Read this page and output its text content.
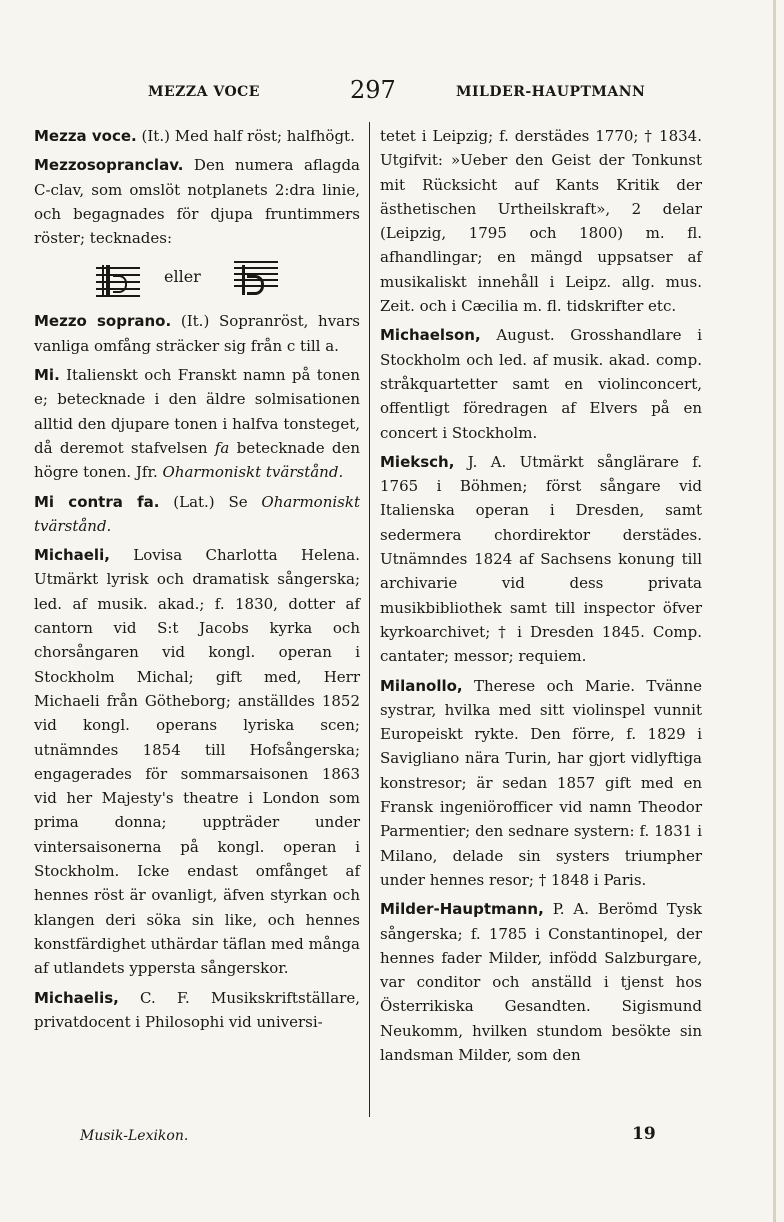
MEZZA VOCE	297	MILDER-HAUPTMANN

Mezza voce. (It.) Med half röst; halfhögt.

Mezzosopranclav. Den numera aflagda C-clav, som omslöt notplanets 2:dra linie, och begagnades för djupa fruntimmers röster; tecknades:

eller

Mezzo soprano. (It.) Sopranröst, hvars vanliga omfång sträcker sig från c till a.

Mi. Italienskt och Franskt namn på tonen e; betecknade i den äldre solmisationen alltid den djupare tonen i halfva tonsteget, då deremot stafvelsen fa betecknade den högre tonen. Jfr. Oharmoniskt tvärstånd.

Mi contra fa. (Lat.) Se Oharmoniskt tvärstånd.

Michaeli, Lovisa Charlotta Helena. Utmärkt lyrisk och dramatisk sångerska; led. af musik. akad.; f. 1830, dotter af cantorn vid S:t Jacobs kyrka och chorsångaren vid kongl. operan i Stockholm Michal; gift med, Herr Michaeli från Götheborg; anställdes 1852 vid kongl. operans lyriska scen; utnämndes 1854 till Hofsångerska; engagerades för sommarsaisonen 1863 vid her Majesty's theatre i London som prima donna; uppträder under vintersaisonerna på kongl. operan i Stockholm. Icke endast omfånget af hennes röst är ovanligt, äfven styrkan och klangen deri söka sin like, och hennes konstfärdighet uthärdar täflan med många af utlandets yppersta sångerskor.

Michaelis, C. F. Musikskriftställare, privatdocent i Philosophi vid universi-

tetet i Leipzig; f. derstädes 1770; † 1834. Utgifvit: »Ueber den Geist der Tonkunst mit Rücksicht auf Kants Kritik der ästhetischen Urtheilskraft», 2 delar (Leipzig, 1795 och 1800) m. fl. afhandlingar; en mängd uppsatser af musikaliskt innehåll i Leipz. allg. mus. Zeit. och i Cæcilia m. fl. tidskrifter etc.

Michaelson, August. Grosshandlare i Stockholm och led. af musik. akad. comp. stråkquartetter samt en violinconcert, offentligt föredragen af Elvers på en concert i Stockholm.

Mieksch, J. A. Utmärkt sånglärare f. 1765 i Böhmen; först sångare vid Italienska operan i Dresden, samt sedermera chordirektor derstädes. Utnämndes 1824 af Sachsens konung till archivarie vid dess privata musikbibliothek samt till inspector öfver kyrkoarchivet; † i Dresden 1845. Comp. cantater; messor; requiem.

Milanollo, Therese och Marie. Tvänne systrar, hvilka med sitt violinspel vunnit Europeiskt rykte. Den förre, f. 1829 i Savigliano nära Turin, har gjort vidlyftiga konstresor; är sedan 1857 gift med en Fransk ingeniörofficer vid namn Theodor Parmentier; den sednare systern: f. 1831 i Milano, delade sin systers triumpher under hennes resor; † 1848 i Paris.

Milder-Hauptmann, P. A. Berömd Tysk sångerska; f. 1785 i Constantinopel, der hennes fader Milder, infödd Salzburgare, var conditor och anställd i tjenst hos Österrikiska Gesandten. Sigismund Neukomm, hvilken stundom besökte sin landsman Milder, som den

Musik-Lexikon.	19
